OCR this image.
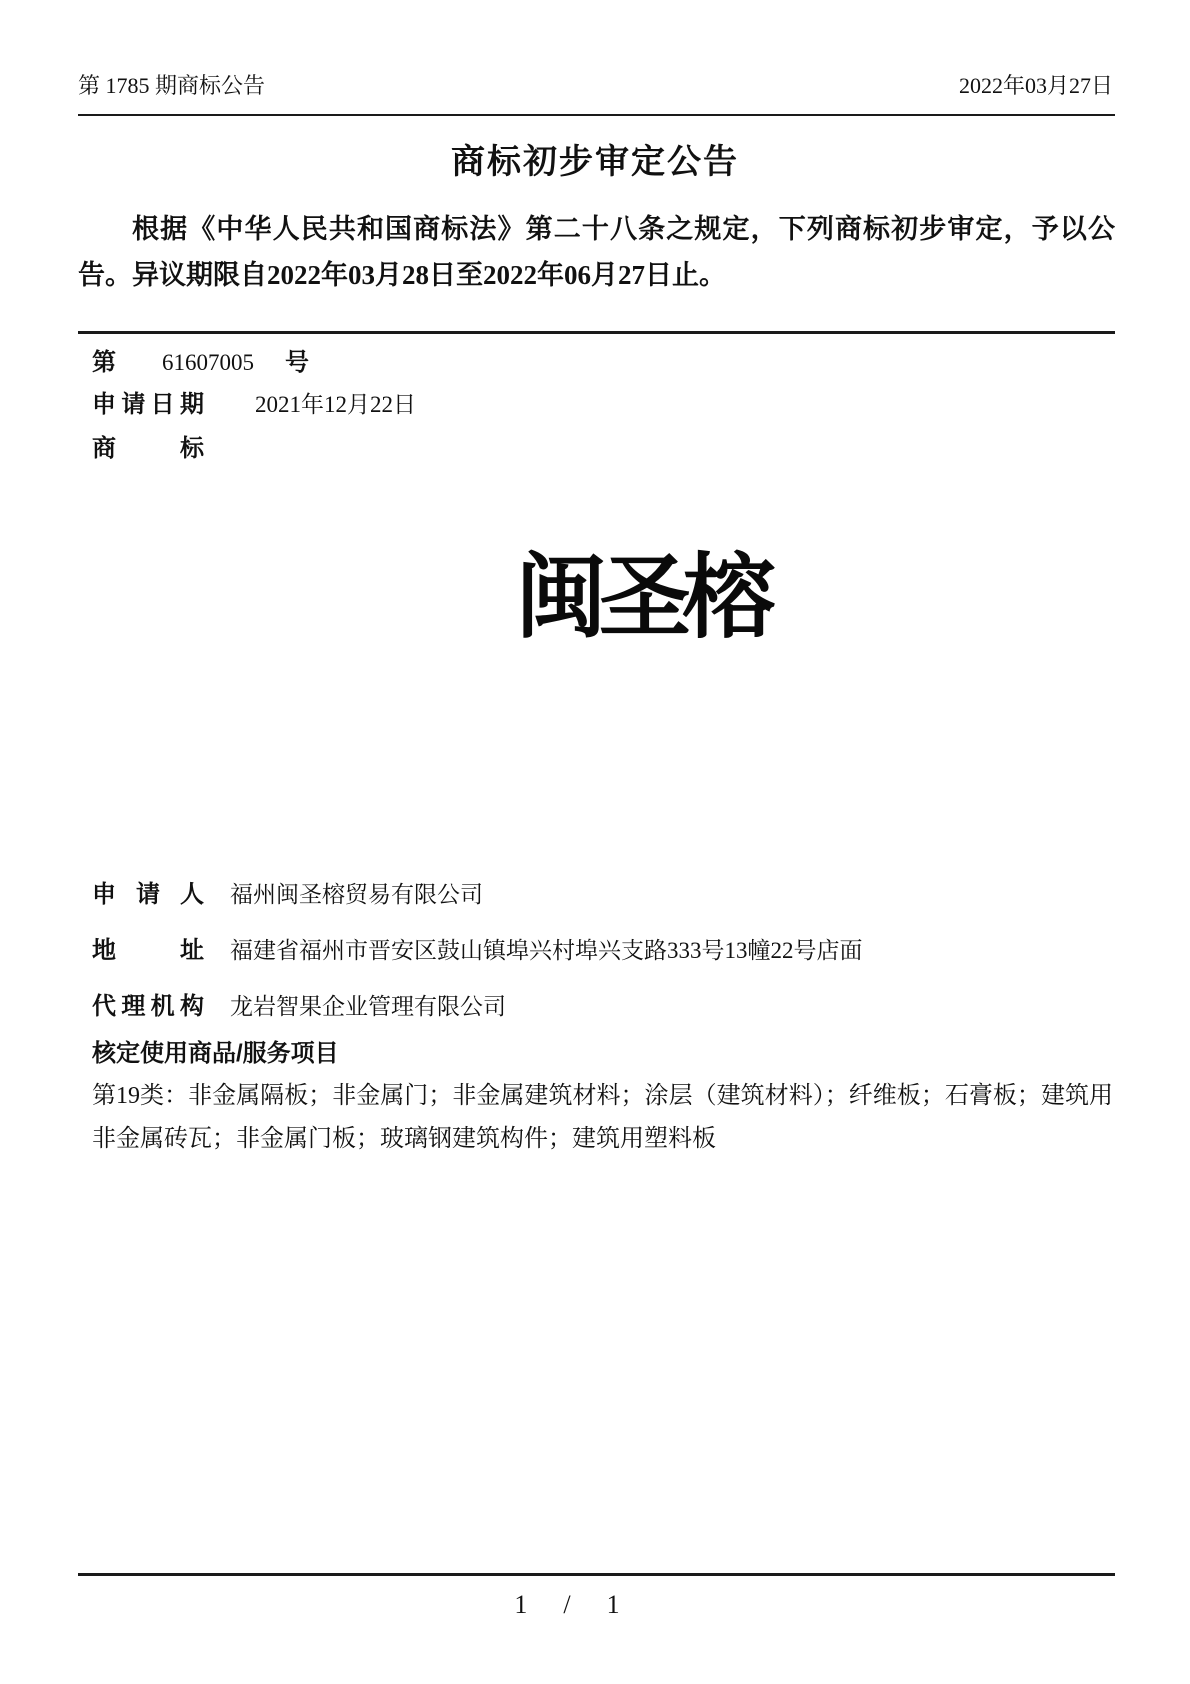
第 1785 期商标公告	2022年03月27日
商标初步审定公告
根据《中华人民共和国商标法》第二十八条之规定，下列商标初步审定，予以公告。异议期限自2022年03月28日至2022年06月27日止。
第 61607005 号
申请日期 2021年12月22日
商标
闽圣榕
申请人 福州闽圣榕贸易有限公司
地址 福建省福州市晋安区鼓山镇埠兴村埠兴支路333号13幢22号店面
代理机构 龙岩智果企业管理有限公司
核定使用商品/服务项目
第19类：非金属隔板；非金属门；非金属建筑材料；涂层（建筑材料）；纤维板；石膏板；建筑用非金属砖瓦；非金属门板；玻璃钢建筑构件；建筑用塑料板
1 / 1
